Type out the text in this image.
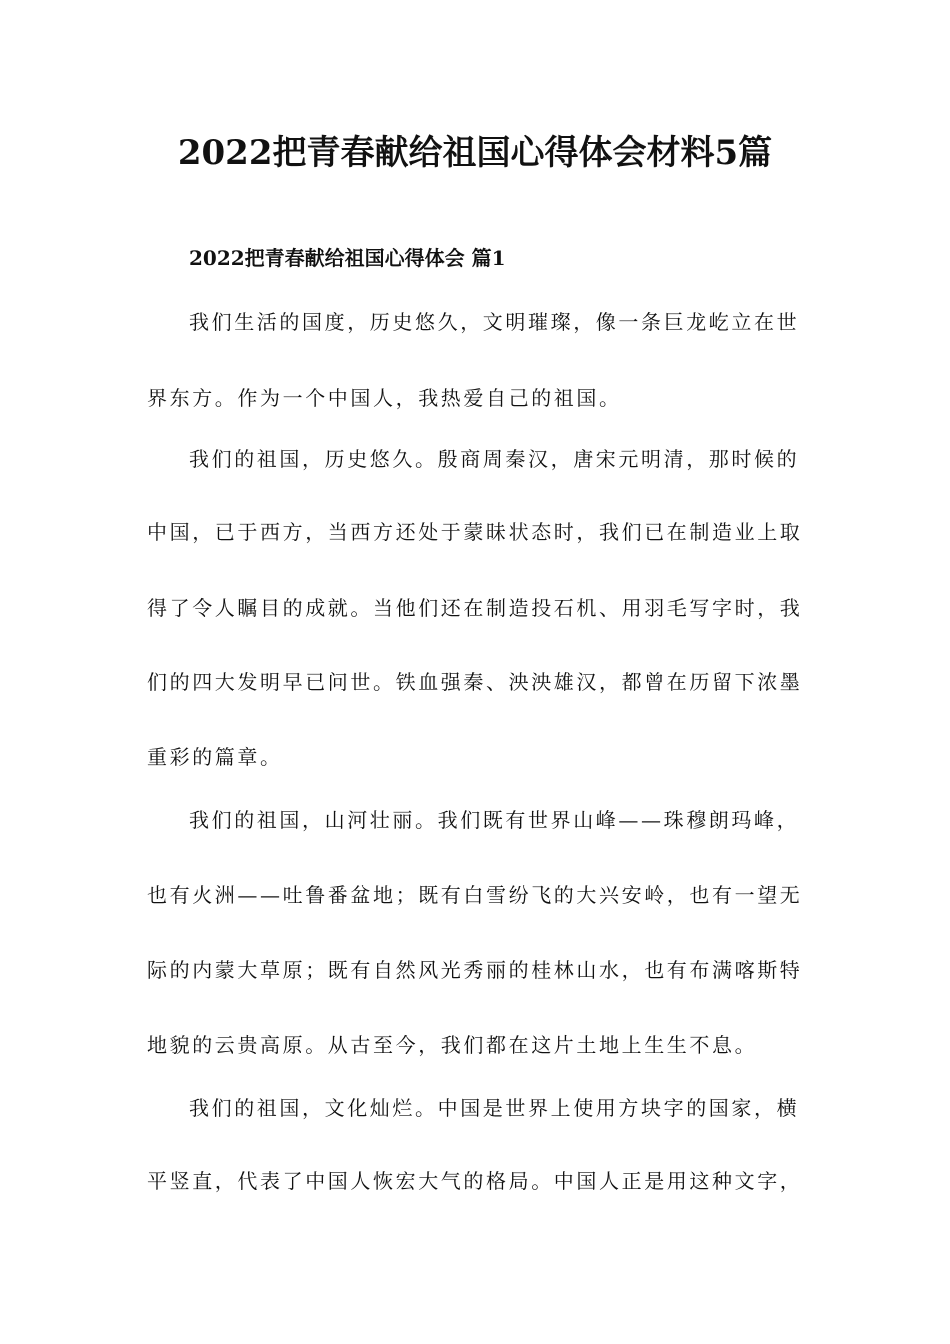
2022把青春献给祖国心得体会材料5篇
2022把青春献给祖国心得体会 篇1

我们生活的国度，历史悠久，文明璀璨，像一条巨龙屹立在世

界东方。作为一个中国人，我热爱自己的祖国。

我们的祖国，历史悠久。殷商周秦汉，唐宋元明清，那时候的

中国，已于西方，当西方还处于蒙昧状态时，我们已在制造业上取

得了令人瞩目的成就。当他们还在制造投石机、用羽毛写字时，我

们的四大发明早已问世。铁血强秦、泱泱雄汉，都曾在历留下浓墨

重彩的篇章。

我们的祖国，山河壮丽。我们既有世界山峰——珠穆朗玛峰，

也有火洲——吐鲁番盆地；既有白雪纷飞的大兴安岭，也有一望无

际的内蒙大草原；既有自然风光秀丽的桂林山水，也有布满喀斯特

地貌的云贵高原。从古至今，我们都在这片土地上生生不息。

我们的祖国，文化灿烂。中国是世界上使用方块字的国家，横

平竖直，代表了中国人恢宏大气的格局。中国人正是用这种文字，
